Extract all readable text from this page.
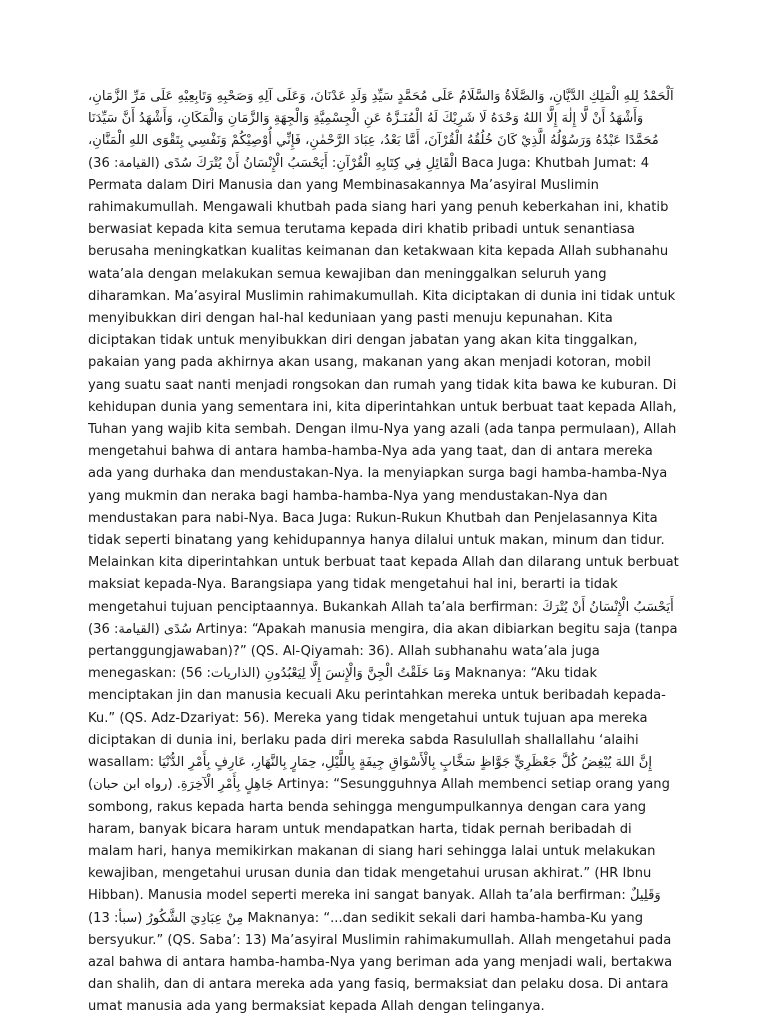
اَلْحَمْدُ لِلهِ الْمَلِكِ الدَّيَّانِ، وَالصَّلَاةُ وَالسَّلَامُ عَلَى مُحَمَّدٍ سَيِّدِ وَلَدِ عَدْنَانَ، وَعَلَى آلِهِ وَصَحْبِهِ وَتَابِعِيْهِ عَلَى مَرِّ الزَّمَانِ، وَأَشْهَدُ أَنْ لَّا إِلٰهَ إِلَّا اللهُ وَحْدَهُ لَا شَرِيْكَ لَهُ الْمُنَـزَّهُ عَنِ الْجِسْمِيَّةِ وَالْجِهَةِ وَالزَّمَانِ وَالْمَكَانِ، وَأَشْهَدُ أَنَّ سَيِّدَنَا مُحَمَّدًا عَبْدُهُ وَرَسُوْلُهُ الَّذِيْ كَانَ خُلُقُهُ الْقُرْآنَ، أَمَّا بَعْدُ، عِبَادَ الرَّحْمٰنِ، فَإِنِّي أُوْصِيْكُمْ وَنَفْسِي بِتَقْوَى اللهِ الْمَنَّانِ، الْقَائِلِ فِي كِتَابِهِ الْقُرْآنِ: أَيَحْسَبُ الْإِنْسَانُ أَنْ يُتْرَكَ سُدًى (القيامة: 36) Baca Juga: Khutbah Jumat: 4 Permata dalam Diri Manusia dan yang Membinasakannya Ma’asyiral Muslimin rahimakumullah. Mengawali khutbah pada siang hari yang penuh keberkahan ini, khatib berwasiat kepada kita semua terutama kepada diri khatib pribadi untuk senantiasa berusaha meningkatkan kualitas keimanan dan ketakwaan kita kepada Allah subhanahu wata’ala dengan melakukan semua kewajiban dan meninggalkan seluruh yang diharamkan. Ma’asyiral Muslimin rahimakumullah. Kita diciptakan di dunia ini tidak untuk menyibukkan diri dengan hal-hal keduniaan yang pasti menuju kepunahan. Kita diciptakan tidak untuk menyibukkan diri dengan jabatan yang akan kita tinggalkan, pakaian yang pada akhirnya akan usang, makanan yang akan menjadi kotoran, mobil yang suatu saat nanti menjadi rongsokan dan rumah yang tidak kita bawa ke kuburan. Di kehidupan dunia yang sementara ini, kita diperintahkan untuk berbuat taat kepada Allah, Tuhan yang wajib kita sembah. Dengan ilmu-Nya yang azali (ada tanpa permulaan), Allah mengetahui bahwa di antara hamba-hamba-Nya ada yang taat, dan di antara mereka ada yang durhaka dan mendustakan-Nya. Ia menyiapkan surga bagi hamba-hamba-Nya yang mukmin dan neraka bagi hamba-hamba-Nya yang mendustakan-Nya dan mendustakan para nabi-Nya. Baca Juga: Rukun-Rukun Khutbah dan Penjelasannya Kita tidak seperti binatang yang kehidupannya hanya dilalui untuk makan, minum dan tidur. Melainkan kita diperintahkan untuk berbuat taat kepada Allah dan dilarang untuk berbuat maksiat kepada-Nya. Barangsiapa yang tidak mengetahui hal ini, berarti ia tidak mengetahui tujuan penciptaannya. Bukankah Allah ta’ala berfirman: أَيَحْسَبُ الْإِنْسَانُ أَنْ يُتْرَكَ سُدًى (القيامة: 36) Artinya: “Apakah manusia mengira, dia akan dibiarkan begitu saja (tanpa pertanggungjawaban)?” (QS. Al-Qiyamah: 36). Allah subhanahu wata’ala juga menegaskan: وَمَا خَلَقْتُ الْجِنَّ وَالْإِنسَ إِلَّا لِيَعْبُدُونِ (الذاريات: 56) Maknanya: “Aku tidak menciptakan jin dan manusia kecuali Aku perintahkan mereka untuk beribadah kepada-Ku.” (QS. Adz-Dzariyat: 56). Mereka yang tidak mengetahui untuk tujuan apa mereka diciptakan di dunia ini, berlaku pada diri mereka sabda Rasulullah shallallahu ‘alaihi wasallam: إِنَّ اللهَ يُبْغِضُ كُلَّ جَعْظَرِيٍّ جَوَّاظٍ سَخَّابٍ بِالْأَسْوَاقِ جِيفَةٍ بِاللَّيْلِ، حِمَارٍ بِالنَّهَارِ، عَارِفٍ بِأَمْرِ الدُّنْيَا جَاهِلٍ بِأَمْرِ الْآخِرَةِ. (رواه ابن حبان) Artinya: “Sesungguhnya Allah membenci setiap orang yang sombong, rakus kepada harta benda sehingga mengumpulkannya dengan cara yang haram, banyak bicara haram untuk mendapatkan harta, tidak pernah beribadah di malam hari, hanya memikirkan makanan di siang hari sehingga lalai untuk melakukan kewajiban, mengetahui urusan dunia dan tidak mengetahui urusan akhirat.” (HR Ibnu Hibban). Manusia model seperti mereka ini sangat banyak. Allah ta’ala berfirman: وَقَلِيلٌ مِنْ عِبَادِيَ الشَّكُورُ (سبأ: 13) Maknanya: “...dan sedikit sekali dari hamba-hamba-Ku yang bersyukur.” (QS. Saba’: 13) Ma’asyiral Muslimin rahimakumullah. Allah mengetahui pada azal bahwa di antara hamba-hamba-Nya yang beriman ada yang menjadi wali, bertakwa dan shalih, dan di antara mereka ada yang fasiq, bermaksiat dan pelaku dosa. Di antara umat manusia ada yang bermaksiat kepada Allah dengan telinganya.
